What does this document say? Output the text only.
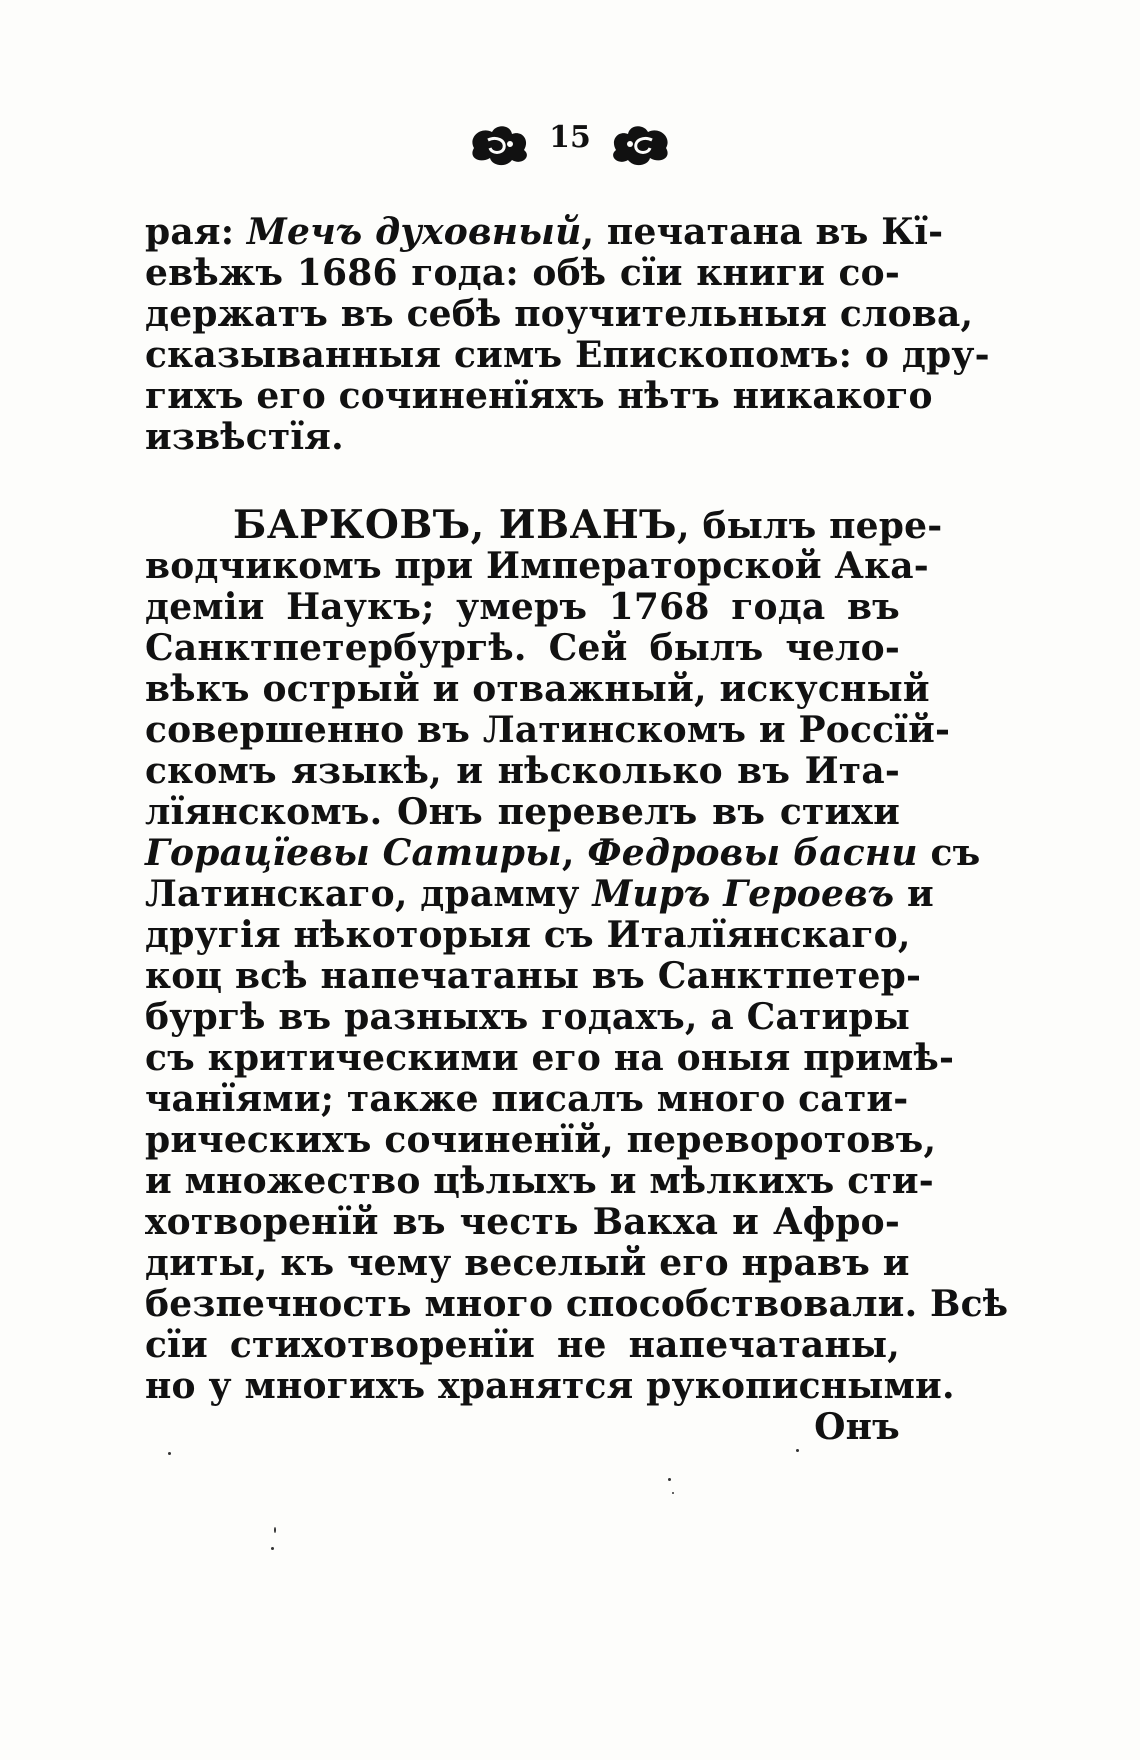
15
рая: Мечъ духовный, печатана въ Кї-
евѣжъ 1686 года: обѣ сїи книги со-
держатъ въ себѣ поучительныя слова,
сказыванныя симъ Епископомъ: о дру-
гихъ его сочиненїяхъ нѣтъ никакого
извѣстїя.
БАРКОВЪ, ИВАНЪ, былъ пере-
водчикомъ при Императорской Ака-
деміи Наукъ; умеръ 1768 года въ
Санктпетербургѣ. Сей былъ чело-
вѣкъ острый и отважный, искусный
совершенно въ Латинскомъ и Россїй-
скомъ языкѣ, и нѣсколько въ Ита-
лїянскомъ. Онъ перевелъ въ стихи
Горацїевы Сатиры, Федровы басни съ
Латинскаго, драмму Миръ Героевъ и
другія нѣкоторыя съ Италїянскаго,
коц всѣ напечатаны въ Санктпетер-
бургѣ въ разныхъ годахъ, а Сатиры
съ критическими его на оныя примѣ-
чанїями; также писалъ много сати-
рическихъ сочиненїй, переворотовъ,
и множество цѣлыхъ и мѣлкихъ сти-
хотворенїй въ честь Вакха и Афро-
диты, къ чему веселый его нравъ и
безпечность много способствовали. Всѣ
сїи стихотворенїи не напечатаны,
но у многихъ хранятся рукописными.
Онъ
